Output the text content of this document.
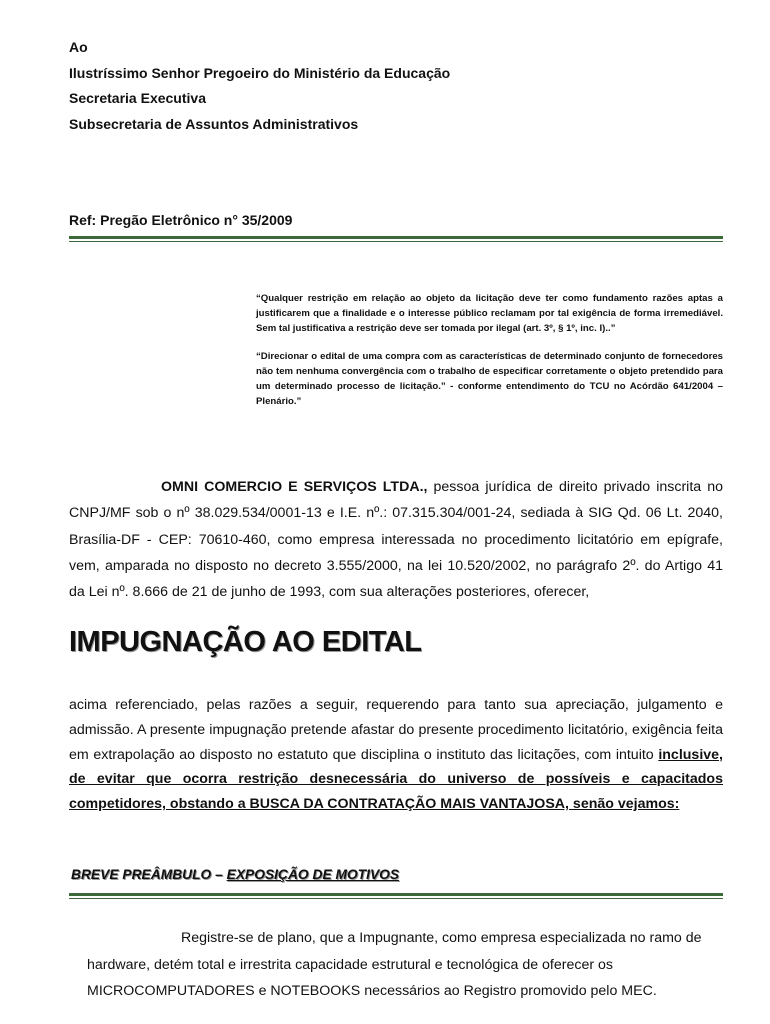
Ao
Ilustríssimo Senhor Pregoeiro do Ministério da Educação
Secretaria Executiva
Subsecretaria de Assuntos Administrativos
Ref: Pregão Eletrônico n° 35/2009

“Qualquer restrição em relação ao objeto da licitação deve ter como fundamento razões aptas a justificarem que a finalidade e o interesse público reclamam por tal exigência de forma irremediável. Sem tal justificativa a restrição deve ser tomada por ilegal (art. 3º, § 1º, inc. I)..”

“Direcionar o edital de uma compra com as características de determinado conjunto de fornecedores não tem nenhuma convergência com o trabalho de especificar corretamente o objeto pretendido para um determinado processo de licitação.” - conforme entendimento do TCU no Acórdão 641/2004 – Plenário.”

OMNI COMERCIO E SERVIÇOS LTDA., pessoa jurídica de direito privado inscrita no CNPJ/MF sob o nº 38.029.534/0001-13 e I.E. nº.: 07.315.304/001-24, sediada à SIG Qd. 06 Lt. 2040, Brasília-DF - CEP: 70610-460, como empresa interessada no procedimento licitatório em epígrafe, vem, amparada no disposto no decreto 3.555/2000, na lei 10.520/2002, no parágrafo 2º. do Artigo 41 da Lei nº. 8.666 de 21 de junho de 1993, com sua alterações posteriores, oferecer,

IMPUGNAÇÃO AO EDITAL

acima referenciado, pelas razões a seguir, requerendo para tanto sua apreciação, julgamento e admissão. A presente impugnação pretende afastar do presente procedimento licitatório, exigência feita em extrapolação ao disposto no estatuto que disciplina o instituto das licitações, com intuito inclusive, de evitar que ocorra restrição desnecessária do universo de possíveis e capacitados competidores, obstando a BUSCA DA CONTRATAÇÃO MAIS VANTAJOSA, senão vejamos:

BREVE PREÂMBULO – EXPOSIÇÃO DE MOTIVOS

Registre-se de plano, que a Impugnante, como empresa especializada no ramo de hardware, detém total e irrestrita capacidade estrutural e tecnológica de oferecer os MICROCOMPUTADORES e NOTEBOOKS necessários ao Registro promovido pelo MEC.
